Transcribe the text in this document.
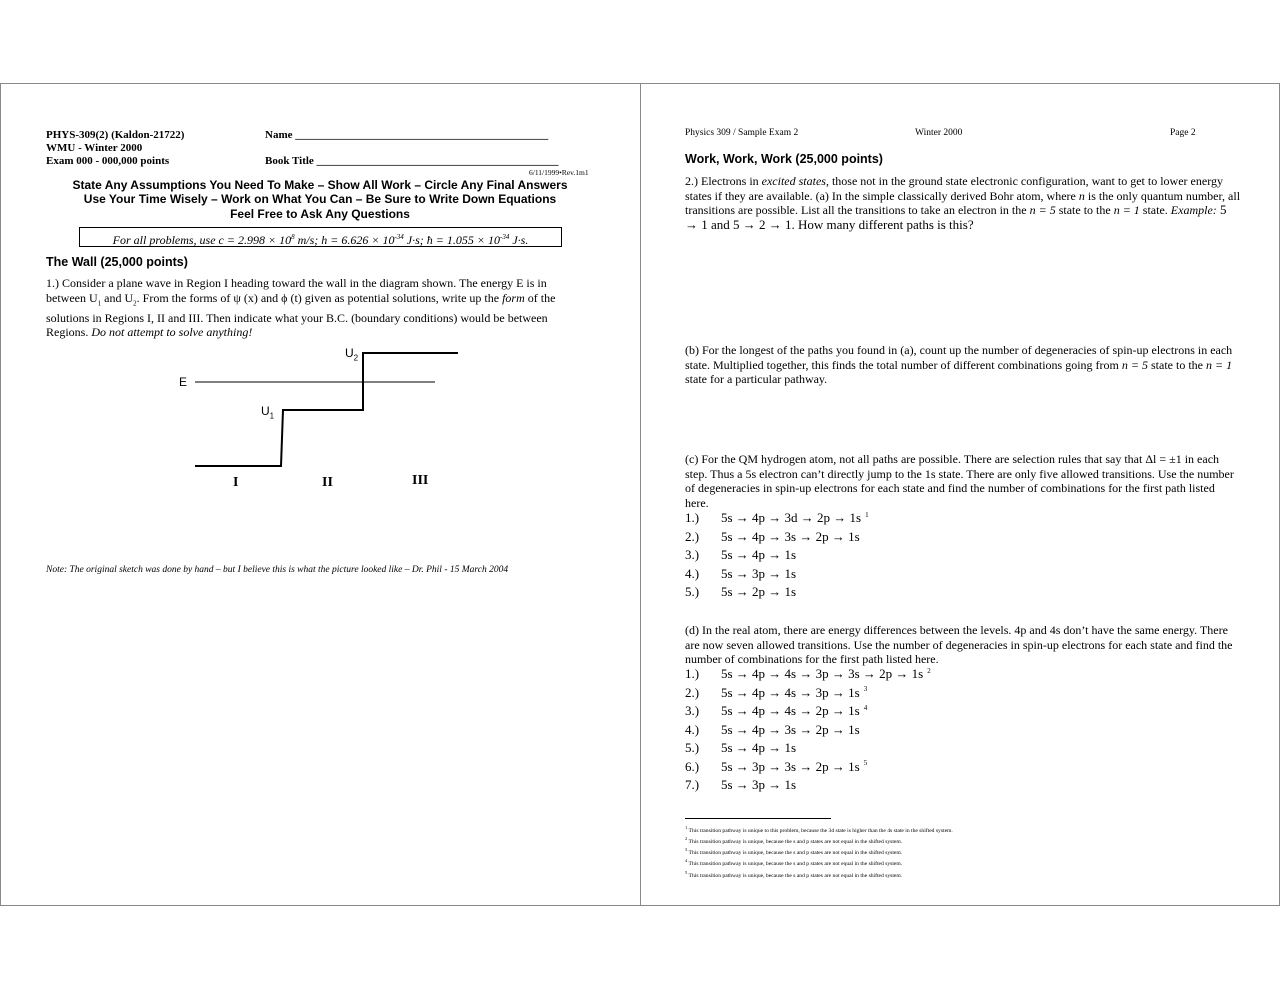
PHYS-309(2) (Kaldon-21722)
WMU - Winter 2000
Exam 000 - 000,000 points
Name ______________________________________________
Book Title ____________________________________________
6/11/1999•Rev.1m1
State Any Assumptions You Need To Make – Show All Work – Circle Any Final Answers
Use Your Time Wisely – Work on What You Can – Be Sure to Write Down Equations
Feel Free to Ask Any Questions
For all problems, use $c = 2.998 \times 10^8$ m/s; $h = 6.626 \times 10^{-34}$ J·s; ħ = $1.055 \times 10^{-34}$ J·s.
The Wall (25,000 points)
1.) Consider a plane wave in Region I heading toward the wall in the diagram shown. The energy E is in between $U_1$ and $U_2$. From the forms of ψ (x) and ϕ (t) given as potential solutions, write up the form of the solutions in Regions I, II and III. Then indicate what your B.C. (boundary conditions) would be between Regions. Do not attempt to solve anything!
E
$U_1$
$U_2$
I	II	III
Note: The original sketch was done by hand – but I believe this is what the picture looked like – Dr. Phil - 15 March 2004
Physics 309 / Sample Exam 2	Winter 2000	Page 2
Work, Work, Work (25,000 points)
2.) Electrons in excited states, those not in the ground state electronic configuration, want to get to lower energy states if they are available. (a) In the simple classically derived Bohr atom, where n is the only quantum number, all transitions are possible. List all the transitions to take an electron in the n = 5 state to the n = 1 state. Example: 5 → 1 and 5 → 2 → 1. How many different paths is this?
(b) For the longest of the paths you found in (a), count up the number of degeneracies of spin-up electrons in each state. Multiplied together, this finds the total number of different combinations going from n = 5 state to the n = 1 state for a particular pathway.
(c) For the QM hydrogen atom, not all paths are possible. There are selection rules that say that Δl = ±1 in each step. Thus a 5s electron can’t directly jump to the 1s state. There are only five allowed transitions. Use the number of degeneracies in spin-up electrons for each state and find the number of combinations for the first path listed here.
1.) 5s → 4p → 3d → 2p → 1s $^1$
2.) 5s → 4p → 3s → 2p → 1s
3.) 5s → 4p → 1s
4.) 5s → 3p → 1s
5.) 5s → 2p → 1s
(d) In the real atom, there are energy differences between the levels. 4p and 4s don’t have the same energy. There are now seven allowed transitions. Use the number of degeneracies in spin-up electrons for each state and find the number of combinations for the first path listed here.
1.) 5s → 4p → 4s → 3p → 3s → 2p → 1s $^2$
2.) 5s → 4p → 4s → 3p → 1s $^3$
3.) 5s → 4p → 4s → 2p → 1s $^4$
4.) 5s → 4p → 3s → 2p → 1s
5.) 5s → 4p → 1s
6.) 5s → 3p → 3s → 2p → 1s $^5$
7.) 5s → 3p → 1s
$^1$ This transition pathway is unique to this problem, because the 3d state is higher than the 4s state in the shifted system.
$^2$ This transition pathway is unique, because the s and p states are not equal in the shifted system.
$^3$ This transition pathway is unique, because the s and p states are not equal in the shifted system.
$^4$ This transition pathway is unique, because the s and p states are not equal in the shifted system.
$^5$ This transition pathway is unique, because the s and p states are not equal in the shifted system.
